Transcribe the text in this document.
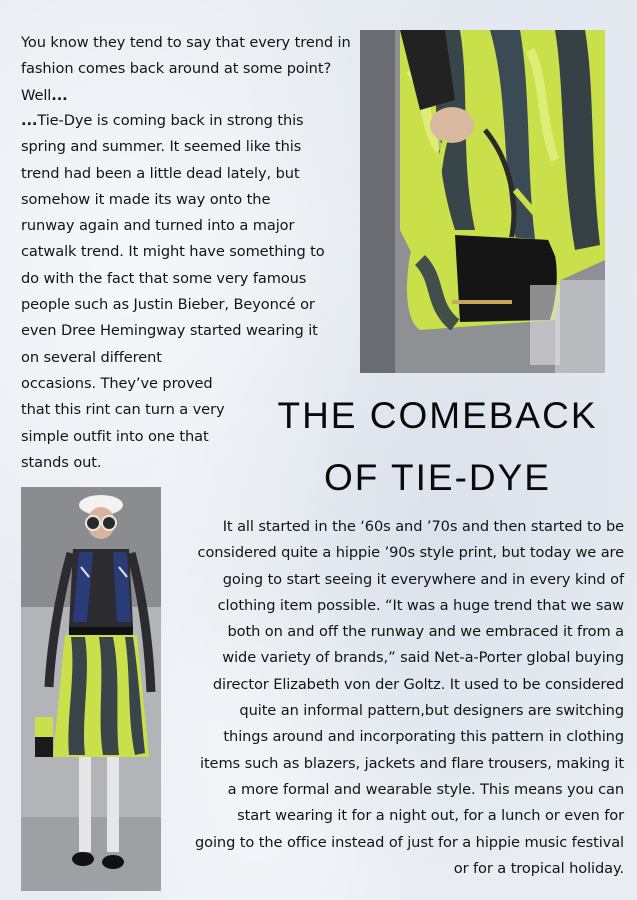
You know they tend to say that every trend in fashion comes back around at some point? Well...
...Tie-Dye is coming back in strong this
spring and summer. It seemed like this
trend had been a little dead lately, but
somehow it made its way onto the
runway again and turned into a major
catwalk trend. It might have something to
do with the fact that some very famous
people such as Justin Bieber, Beyoncé or
even Dree Hemingway started wearing it
on several different
occasions. They’ve proved
that this rint can turn a very
simple outfit into one that
stands out.
THE COMEBACK
OF TIE-DYE
It all started in the ‘60s and ’70s and then started to be
considered quite a hippie ’90s style print, but today we are
going to start seeing it everywhere and in every kind of
clothing item possible. “It was a huge trend that we saw
both on and off the runway and we embraced it from a
wide variety of brands,” said Net-a-Porter global buying
director Elizabeth von der Goltz. It used to be considered
quite an informal pattern,but designers are switching
things around and incorporating this pattern in clothing
items such as blazers, jackets and flare trousers, making it
a more formal and wearable style. This means you can
start wearing it for a night out, for a lunch or even for
going to the office instead of just for a hippie music festival
or for a tropical holiday.
